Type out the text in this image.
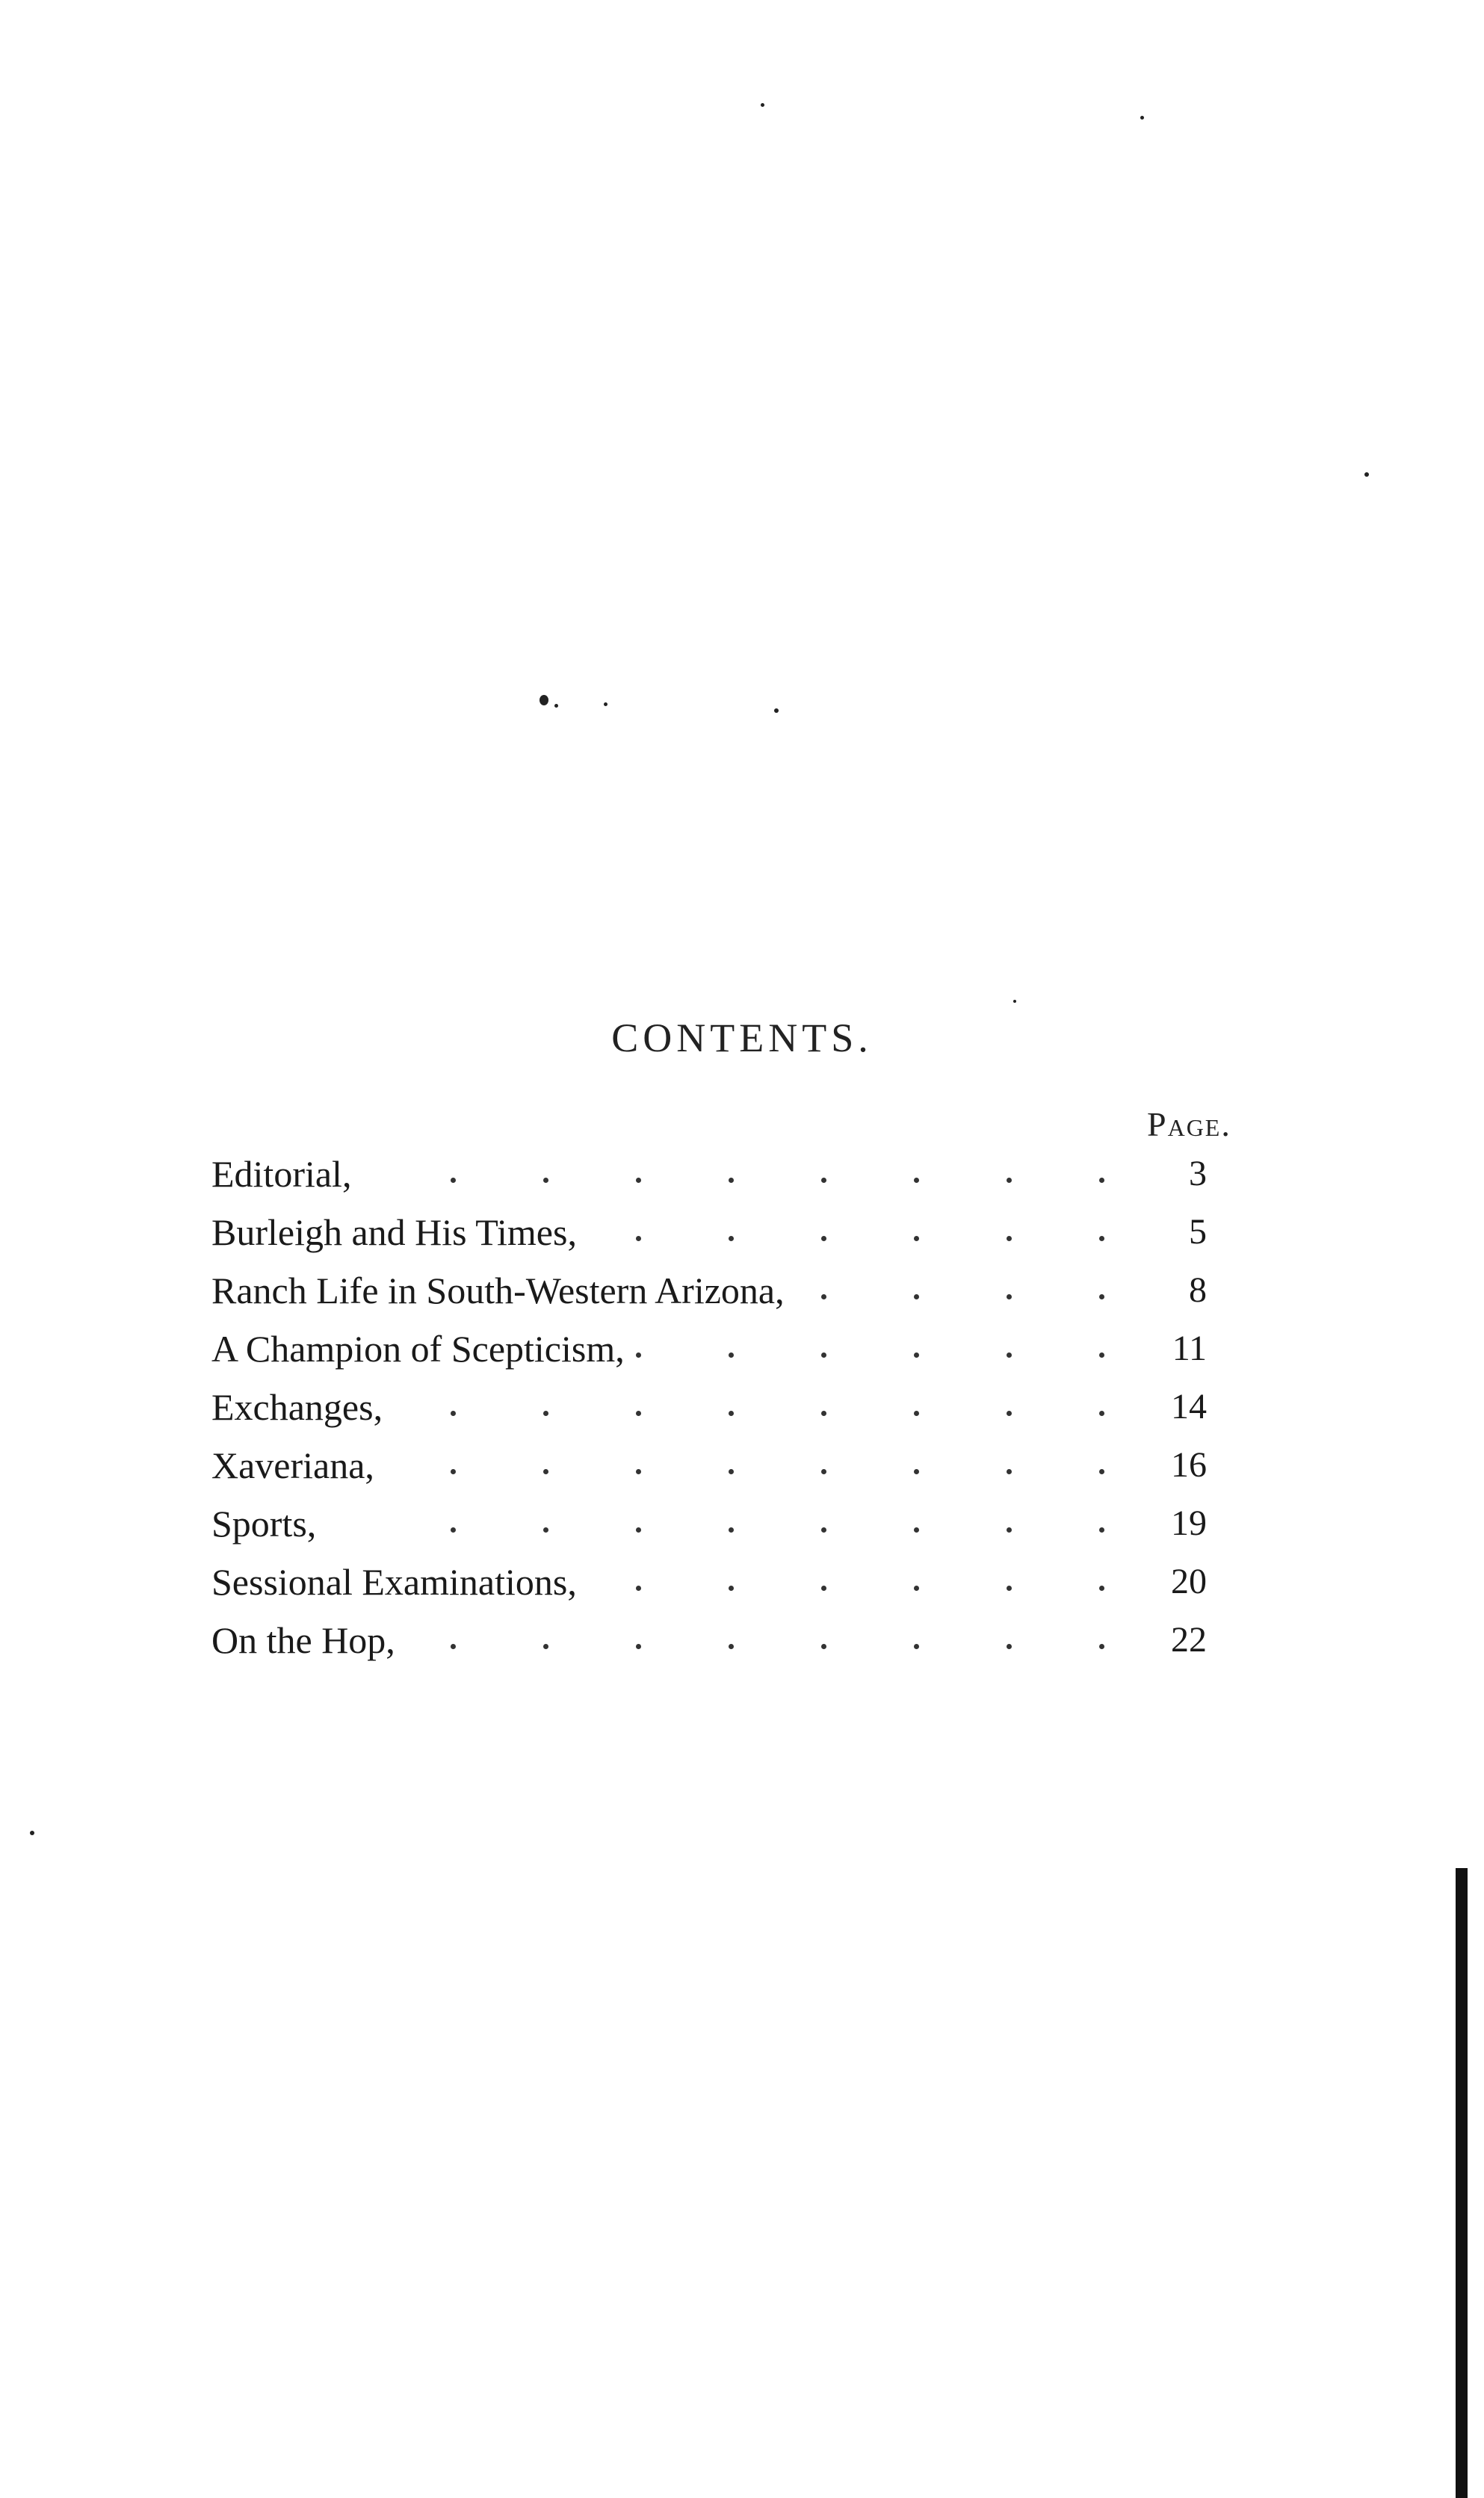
CONTENTS.
Page.
Editorial,	3
Burleigh and His Times,	5
Ranch Life in South-Western Arizona,	8
A Champion of Scepticism,	11
Exchanges,	14
Xaveriana,	16
Sports,	19
Sessional Examinations,	20
On the Hop,	22
